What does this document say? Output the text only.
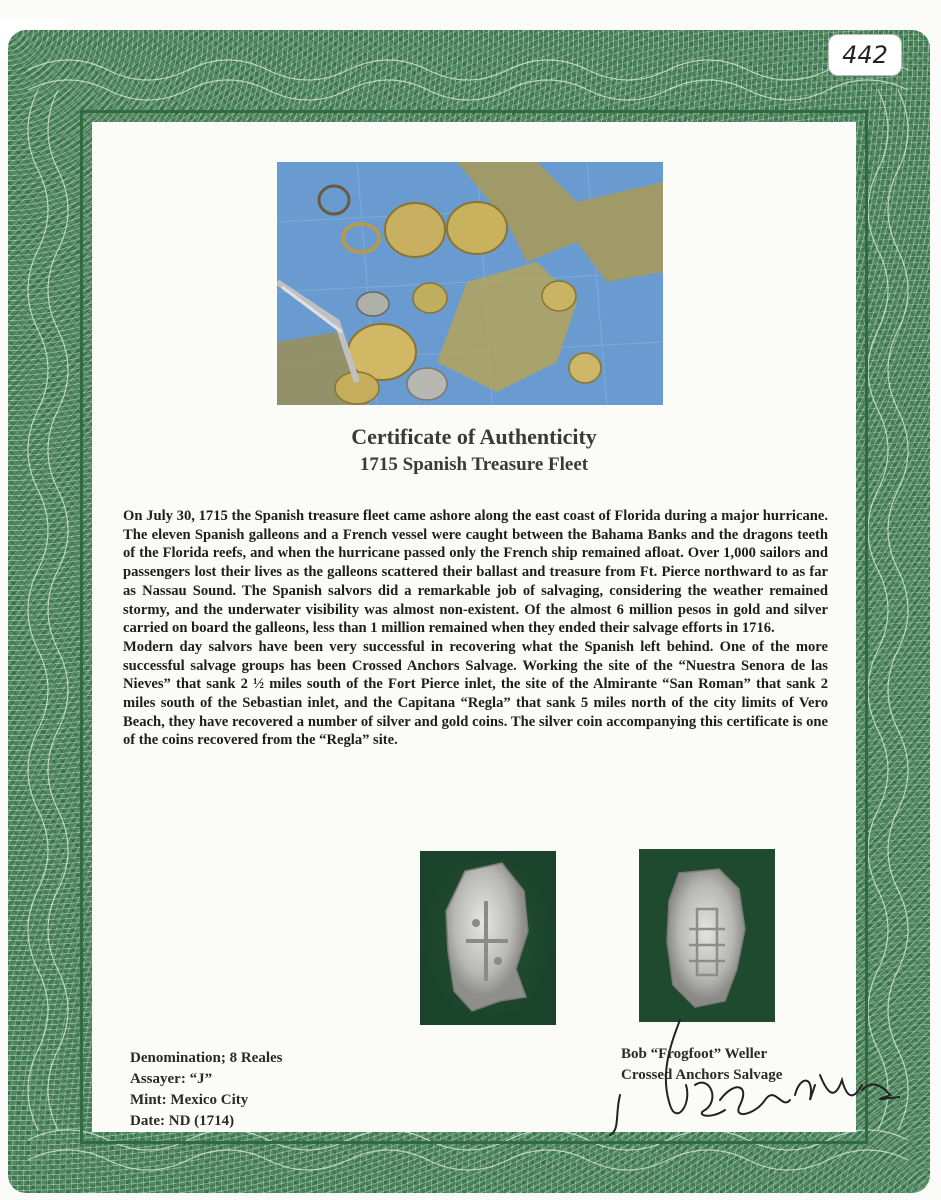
442
Certificate of Authenticity
1715 Spanish Treasure Fleet

On July 30, 1715 the Spanish treasure fleet came ashore along the east coast of Florida during a major hurricane. The eleven Spanish galleons and a French vessel were caught between the Bahama Banks and the dragons teeth of the Florida reefs, and when the hurricane passed only the French ship remained afloat. Over 1,000 sailors and passengers lost their lives as the galleons scattered their ballast and treasure from Ft. Pierce northward to as far as Nassau Sound. The Spanish salvors did a remarkable job of salvaging, considering the weather remained stormy, and the underwater visibility was almost non-existent. Of the almost 6 million pesos in gold and silver carried on board the galleons, less than 1 million remained when they ended their salvage efforts in 1716.

Modern day salvors have been very successful in recovering what the Spanish left behind. One of the more successful salvage groups has been Crossed Anchors Salvage. Working the site of the “Nuestra Senora de las Nieves” that sank 2 ½ miles south of the Fort Pierce inlet, the site of the Almirante “San Roman” that sank 2 miles south of the Sebastian inlet, and the Capitana “Regla” that sank 5 miles north of the city limits of Vero Beach, they have recovered a number of silver and gold coins. The silver coin accompanying this certificate is one of the coins recovered from the “Regla” site.

Denomination; 8 Reales
Assayer: “J”
Mint: Mexico City
Date: ND (1714)
Bob “Frogfoot” Weller
Crossed Anchors Salvage
